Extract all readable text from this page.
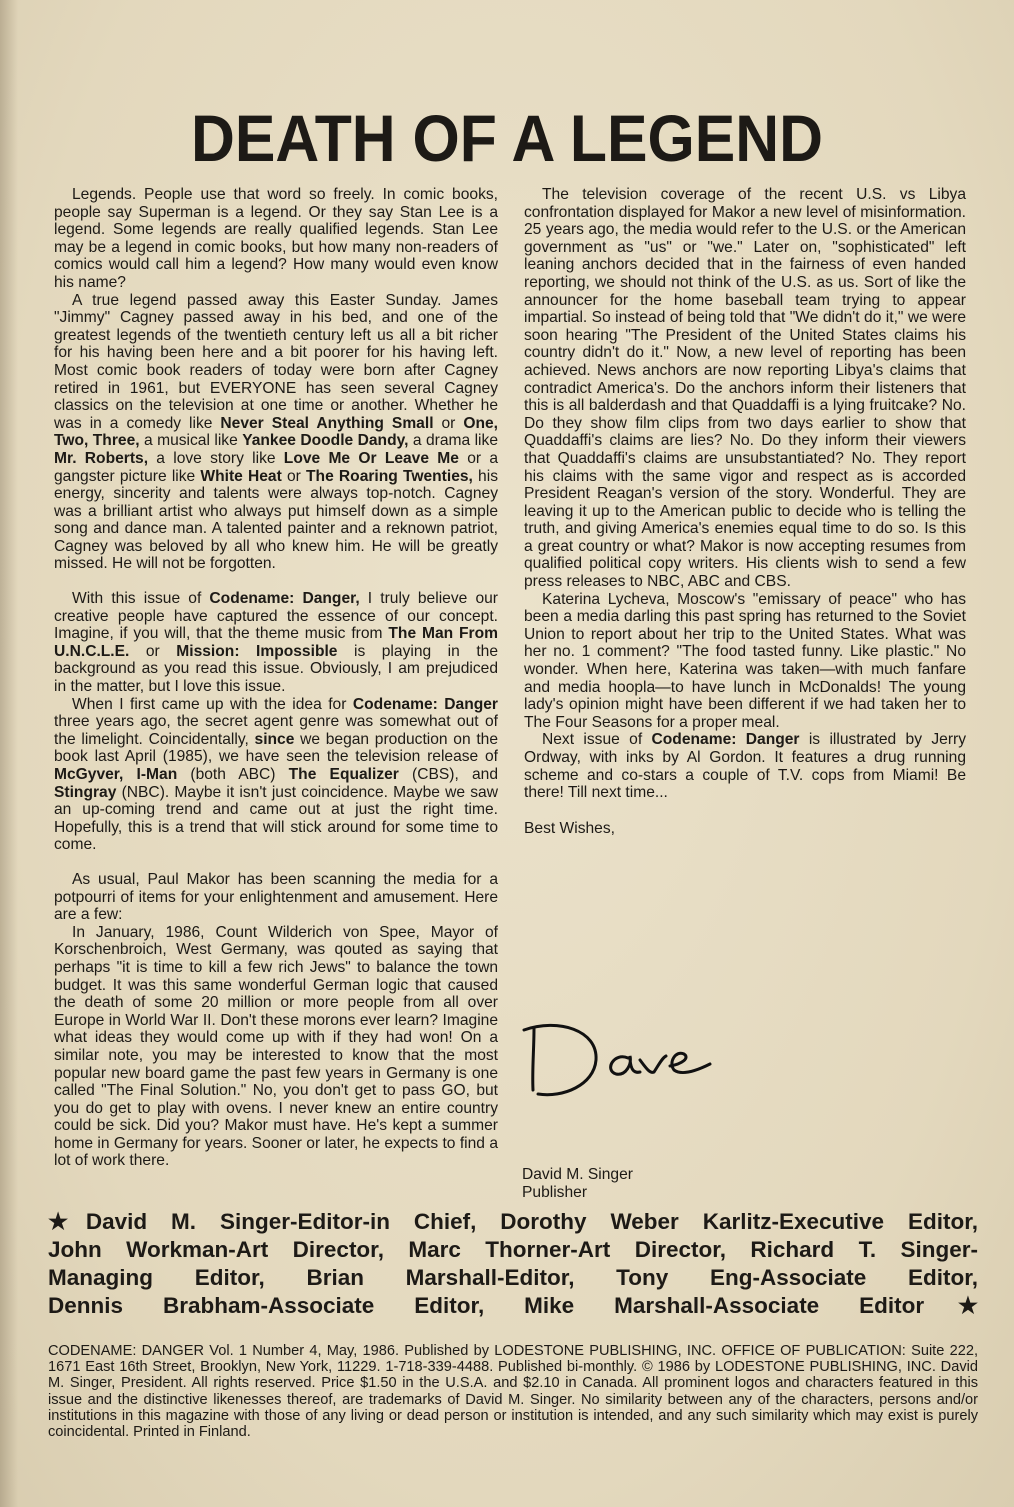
DEATH OF A LEGEND

Legends. People use that word so freely. In comic books, people say Superman is a legend. Or they say Stan Lee is a legend. Some legends are really qualified legends. Stan Lee may be a legend in comic books, but how many non-readers of comics would call him a legend? How many would even know his name?

A true legend passed away this Easter Sunday. James "Jimmy" Cagney passed away in his bed, and one of the greatest legends of the twentieth century left us all a bit richer for his having been here and a bit poorer for his having left. Most comic book readers of today were born after Cagney retired in 1961, but EVERYONE has seen several Cagney classics on the television at one time or another. Whether he was in a comedy like Never Steal Anything Small or One, Two, Three, a musical like Yankee Doodle Dandy, a drama like Mr. Roberts, a love story like Love Me Or Leave Me or a gangster picture like White Heat or The Roaring Twenties, his energy, sincerity and talents were always top-notch. Cagney was a brilliant artist who always put himself down as a simple song and dance man. A talented painter and a reknown patriot, Cagney was beloved by all who knew him. He will be greatly missed. He will not be forgotten.

With this issue of Codename: Danger, I truly believe our creative people have captured the essence of our concept. Imagine, if you will, that the theme music from The Man From U.N.C.L.E. or Mission: Impossible is playing in the background as you read this issue. Obviously, I am prejudiced in the matter, but I love this issue.

When I first came up with the idea for Codename: Danger three years ago, the secret agent genre was somewhat out of the limelight. Coincidentally, since we began production on the book last April (1985), we have seen the television release of McGyver, I-Man (both ABC) The Equalizer (CBS), and Stingray (NBC). Maybe it isn't just coincidence. Maybe we saw an up-coming trend and came out at just the right time. Hopefully, this is a trend that will stick around for some time to come.

As usual, Paul Makor has been scanning the media for a potpourri of items for your enlightenment and amusement. Here are a few:

In January, 1986, Count Wilderich von Spee, Mayor of Korschenbroich, West Germany, was qouted as saying that perhaps "it is time to kill a few rich Jews" to balance the town budget. It was this same wonderful German logic that caused the death of some 20 million or more people from all over Europe in World War II. Don't these morons ever learn? Imagine what ideas they would come up with if they had won! On a similar note, you may be interested to know that the most popular new board game the past few years in Germany is one called "The Final Solution." No, you don't get to pass GO, but you do get to play with ovens. I never knew an entire country could be sick. Did you? Makor must have. He's kept a summer home in Germany for years. Sooner or later, he expects to find a lot of work there.

The television coverage of the recent U.S. vs Libya confrontation displayed for Makor a new level of misinformation. 25 years ago, the media would refer to the U.S. or the American government as "us" or "we." Later on, "sophisticated" left leaning anchors decided that in the fairness of even handed reporting, we should not think of the U.S. as us. Sort of like the announcer for the home baseball team trying to appear impartial. So instead of being told that "We didn't do it," we were soon hearing "The President of the United States claims his country didn't do it." Now, a new level of reporting has been achieved. News anchors are now reporting Libya's claims that contradict America's. Do the anchors inform their listeners that this is all balderdash and that Quaddaffi is a lying fruitcake? No. Do they show film clips from two days earlier to show that Quaddaffi's claims are lies? No. Do they inform their viewers that Quaddaffi's claims are unsubstantiated? No. They report his claims with the same vigor and respect as is accorded President Reagan's version of the story. Wonderful. They are leaving it up to the American public to decide who is telling the truth, and giving America's enemies equal time to do so. Is this a great country or what? Makor is now accepting resumes from qualified political copy writers. His clients wish to send a few press releases to NBC, ABC and CBS.

Katerina Lycheva, Moscow's "emissary of peace" who has been a media darling this past spring has returned to the Soviet Union to report about her trip to the United States. What was her no. 1 comment? "The food tasted funny. Like plastic." No wonder. When here, Katerina was taken—with much fanfare and media hoopla—to have lunch in McDonalds! The young lady's opinion might have been different if we had taken her to The Four Seasons for a proper meal.

Next issue of Codename: Danger is illustrated by Jerry Ordway, with inks by Al Gordon. It features a drug running scheme and co-stars a couple of T.V. cops from Miami! Be there! Till next time...

Best Wishes,

David M. Singer
Publisher
★David M. Singer-Editor-in Chief, Dorothy Weber Karlitz-Executive Editor,
John Workman-Art Director, Marc Thorner-Art Director, Richard T. Singer-
Managing Editor, Brian Marshall-Editor, Tony Eng-Associate Editor,
Dennis Brabham-Associate Editor, Mike Marshall-Associate Editor★
CODENAME: DANGER Vol. 1 Number 4, May, 1986. Published by LODESTONE PUBLISHING, INC. OFFICE OF PUBLICATION: Suite 222, 1671 East 16th Street, Brooklyn, New York, 11229. 1-718-339-4488. Published bi-monthly. © 1986 by LODESTONE PUBLISHING, INC. David M. Singer, President. All rights reserved. Price $1.50 in the U.S.A. and $2.10 in Canada. All prominent logos and characters featured in this issue and the distinctive likenesses thereof, are trademarks of David M. Singer. No similarity between any of the characters, persons and/or institutions in this magazine with those of any living or dead person or institution is intended, and any such similarity which may exist is purely coincidental. Printed in Finland.
